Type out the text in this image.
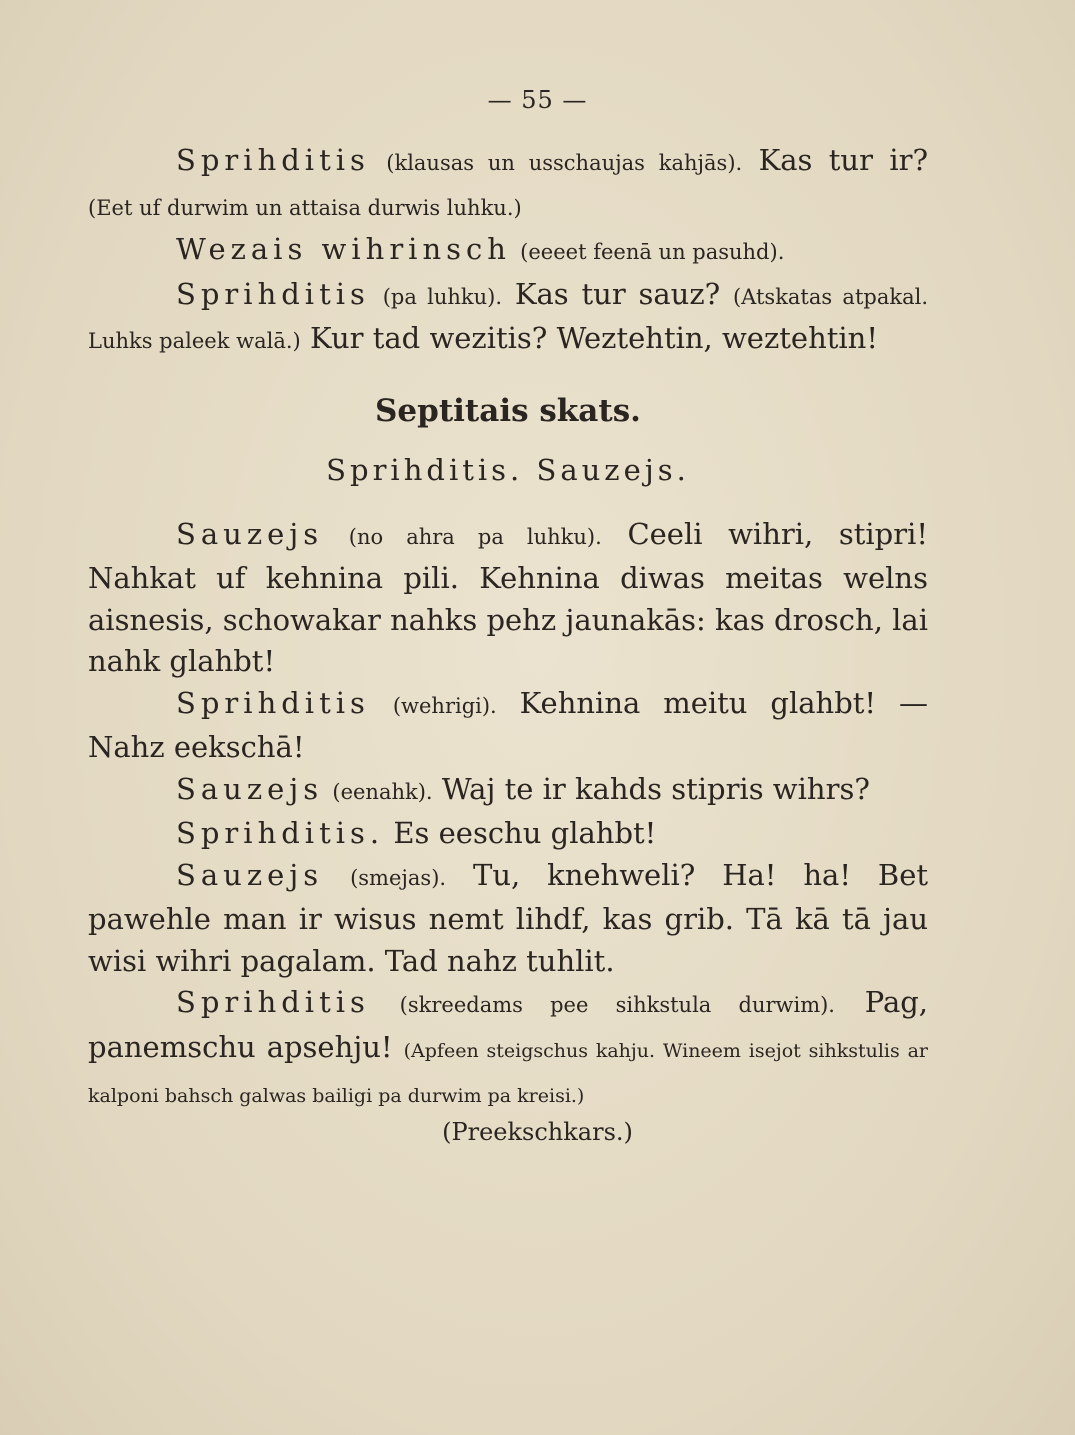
— 55 —

Sprihditis (klausas un usschaujas kahjās). Kas tur ir? (Eet uf durwim un attaisa durwis luhku.)

Wezais wihrinsch (eeeet feenā un pasuhd).

Sprihditis (pa luhku). Kas tur sauz? (Atskatas atpakal. Luhks paleek walā.) Kur tad wezitis? Weztehtin, weztehtin!

Septitais skats.

Sprihditis. Sauzejs.

Sauzejs (no ahra pa luhku). Ceeli wihri, stipri! Nahkat uf kehnina pili. Kehnina diwas meitas welns aisnesis, schowakar nahks pehz jaunakās: kas drosch, lai nahk glahbt!

Sprihditis (wehrigi). Kehnina meitu glahbt! — Nahz eekschā!

Sauzejs (eenahk). Waj te ir kahds stipris wihrs?

Sprihditis. Es eeschu glahbt!

Sauzejs (smejas). Tu, knehweli? Ha! ha! Bet pawehle man ir wisus nemt lihdf, kas grib. Tā kā tā jau wisi wihri pagalam. Tad nahz tuhlit.

Sprihditis (skreedams pee sihkstula durwim). Pag, panemschu apsehju! (Apfeen steigschus kahju. Wineem isejot sihkstulis ar kalponi bahsch galwas bailigi pa durwim pa kreisi.)

(Preekschkars.)
